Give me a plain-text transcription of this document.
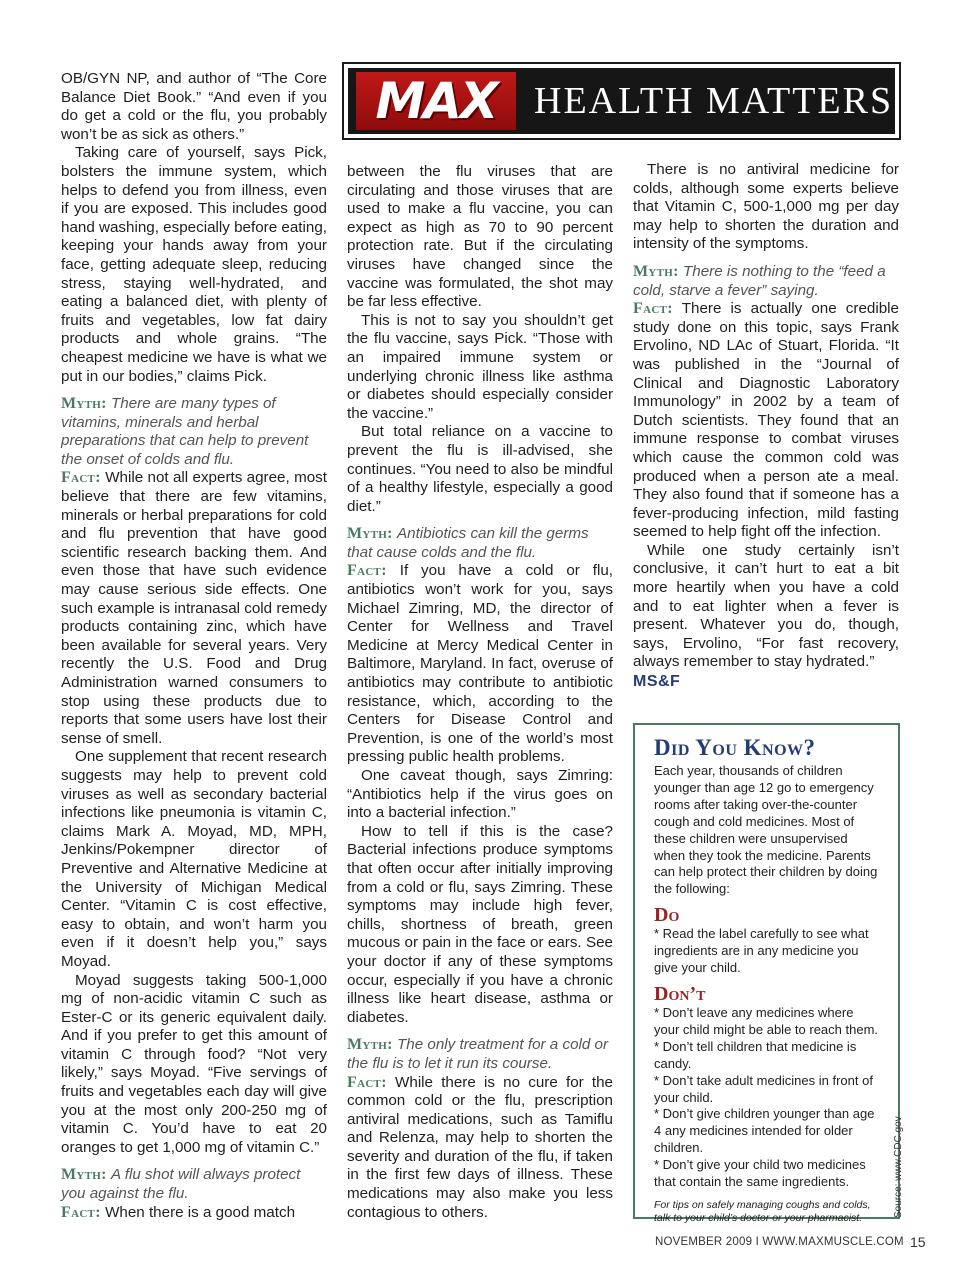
OB/GYN NP, and author of “The Core Balance Diet Book.” “And even if you do get a cold or the flu, you probably won’t be as sick as others.”

Taking care of yourself, says Pick, bolsters the immune system, which helps to defend you from illness, even if you are exposed. This includes good hand washing, especially before eating, keeping your hands away from your face, getting adequate sleep, reducing stress, staying well-hydrated, and eating a balanced diet, with plenty of fruits and vegetables, low fat dairy products and whole grains. “The cheapest medicine we have is what we put in our bodies,” claims Pick.

Myth: There are many types of vitamins, minerals and herbal preparations that can help to prevent the onset of colds and flu.

Fact: While not all experts agree, most believe that there are few vitamins, minerals or herbal preparations for cold and flu prevention that have good scientific research backing them. And even those that have such evidence may cause serious side effects. One such example is intranasal cold remedy products containing zinc, which have been available for several years. Very recently the U.S. Food and Drug Administration warned consumers to stop using these products due to reports that some users have lost their sense of smell.

One supplement that recent research suggests may help to prevent cold viruses as well as secondary bacterial infections like pneumonia is vitamin C, claims Mark A. Moyad, MD, MPH, Jenkins/Pokempner director of Preventive and Alternative Medicine at the University of Michigan Medical Center. “Vitamin C is cost effective, easy to obtain, and won’t harm you even if it doesn’t help you,” says Moyad.

Moyad suggests taking 500-1,000 mg of non-acidic vitamin C such as Ester-C or its generic equivalent daily. And if you prefer to get this amount of vitamin C through food? “Not very likely,” says Moyad. “Five servings of fruits and vegetables each day will give you at the most only 200-250 mg of vitamin C. You’d have to eat 20 oranges to get 1,000 mg of vitamin C.”

Myth: A flu shot will always protect you against the flu.

Fact: When there is a good match

MAX HEALTH MATTERS

between the flu viruses that are circulating and those viruses that are used to make a flu vaccine, you can expect as high as 70 to 90 percent protection rate. But if the circulating viruses have changed since the vaccine was formulated, the shot may be far less effective.

This is not to say you shouldn’t get the flu vaccine, says Pick. “Those with an impaired immune system or underlying chronic illness like asthma or diabetes should especially consider the vaccine.”

But total reliance on a vaccine to prevent the flu is ill-advised, she continues. “You need to also be mindful of a healthy lifestyle, especially a good diet.”

Myth: Antibiotics can kill the germs that cause colds and the flu.

Fact: If you have a cold or flu, antibiotics won’t work for you, says Michael Zimring, MD, the director of Center for Wellness and Travel Medicine at Mercy Medical Center in Baltimore, Maryland. In fact, overuse of antibiotics may contribute to antibiotic resistance, which, according to the Centers for Disease Control and Prevention, is one of the world’s most pressing public health problems.

One caveat though, says Zimring: “Antibiotics help if the virus goes on into a bacterial infection.”

How to tell if this is the case? Bacterial infections produce symptoms that often occur after initially improving from a cold or flu, says Zimring. These symptoms may include high fever, chills, shortness of breath, green mucous or pain in the face or ears. See your doctor if any of these symptoms occur, especially if you have a chronic illness like heart disease, asthma or diabetes.

Myth: The only treatment for a cold or the flu is to let it run its course.

Fact: While there is no cure for the common cold or the flu, prescription antiviral medications, such as Tamiflu and Relenza, may help to shorten the severity and duration of the flu, if taken in the first few days of illness. These medications may also make you less contagious to others.

There is no antiviral medicine for colds, although some experts believe that Vitamin C, 500-1,000 mg per day may help to shorten the duration and intensity of the symptoms.

Myth: There is nothing to the “feed a cold, starve a fever” saying.

Fact: There is actually one credible study done on this topic, says Frank Ervolino, ND LAc of Stuart, Florida. “It was published in the “Journal of Clinical and Diagnostic Laboratory Immunology” in 2002 by a team of Dutch scientists. They found that an immune response to combat viruses which cause the common cold was produced when a person ate a meal. They also found that if someone has a fever-producing infection, mild fasting seemed to help fight off the infection.

While one study certainly isn’t conclusive, it can’t hurt to eat a bit more heartily when you have a cold and to eat lighter when a fever is present. Whatever you do, though, says, Ervolino, “For fast recovery, always remember to stay hydrated.”

MS&F
Did You Know?
Each year, thousands of children younger than age 12 go to emergency rooms after taking over-the-counter cough and cold medicines. Most of these children were unsupervised when they took the medicine. Parents can help protect their children by doing the following:
Do
* Read the label carefully to see what ingredients are in any medicine you give your child.
Don’t
* Don’t leave any medicines where your child might be able to reach them.
* Don’t tell children that medicine is candy.
* Don’t take adult medicines in front of your child.
* Don’t give children younger than age 4 any medicines intended for older children.
* Don’t give your child two medicines that contain the same ingredients.
For tips on safely managing coughs and colds, talk to your child’s doctor or your pharmacist.	Source: www.CDC.gov
NOVEMBER 2009 I WWW.MAXMUSCLE.COM 15
